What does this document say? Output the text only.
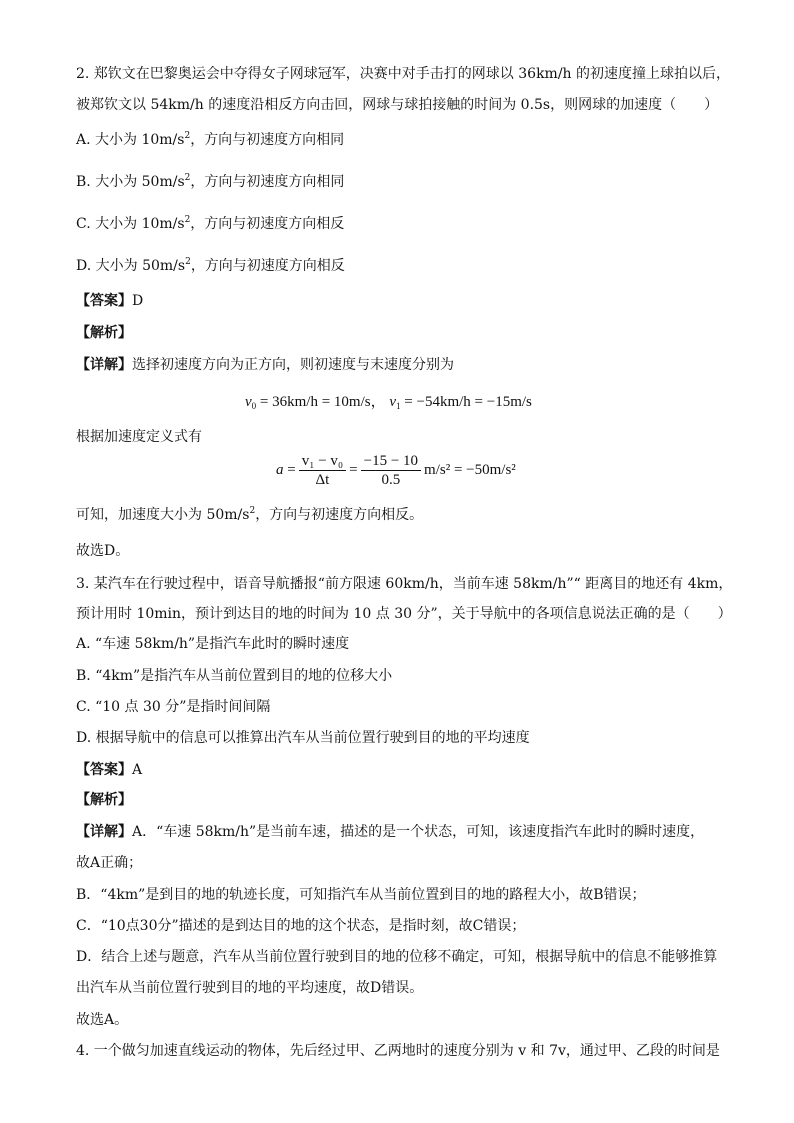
2. 郑钦文在巴黎奥运会中夺得女子网球冠军，决赛中对手击打的网球以 36km/h 的初速度撞上球拍以后，
被郑钦文以 54km/h 的速度沿相反方向击回，网球与球拍接触的时间为 0.5s，则网球的加速度（　　）
A. 大小为 $10m/s^2$，方向与初速度方向相同
B. 大小为 $50m/s^2$，方向与初速度方向相同
C. 大小为 $10m/s^2$，方向与初速度方向相反
D. 大小为 $50m/s^2$，方向与初速度方向相反
【答案】D
【解析】
【详解】选择初速度方向为正方向，则初速度与末速度分别为
$v_0 = 36km/h = 10m/s$， $v_1 = -54km/h = -15m/s$
根据加速度定义式有
$a = \frac{\text{v₁ − v₀}}{\Delta t} = \frac{-15 - 10}{0.5} m/s^2 = -50m/s^2$
可知，加速度大小为 $50m/s^2$，方向与初速度方向相反。
故选D。
3. 某汽车在行驶过程中，语音导航播报“前方限速 60km/h，当前车速 58km/h”“ 距离目的地还有 4km，
预计用时 10min，预计到达目的地的时间为 10 点 30 分”，关于导航中的各项信息说法正确的是（　　）
A. “车速 58km/h”是指汽车此时的瞬时速度
B. “4km”是指汽车从当前位置到目的地的位移大小
C. “10 点 30 分”是指时间间隔
D. 根据导航中的信息可以推算出汽车从当前位置行驶到目的地的平均速度
【答案】A
【解析】
【详解】A．“车速 58km/h”是当前车速，描述的是一个状态，可知，该速度指汽车此时的瞬时速度，
故A正确；
B．“4km”是到目的地的轨迹长度，可知指汽车从当前位置到目的地的路程大小，故B错误；
C．“10点30分”描述的是到达目的地的这个状态，是指时刻，故C错误；
D．结合上述与题意，汽车从当前位置行驶到目的地的位移不确定，可知，根据导航中的信息不能够推算
出汽车从当前位置行驶到目的地的平均速度，故D错误。
故选A。
4. 一个做匀加速直线运动的物体，先后经过甲、乙两地时的速度分别为 v 和 7v，通过甲、乙段的时间是
